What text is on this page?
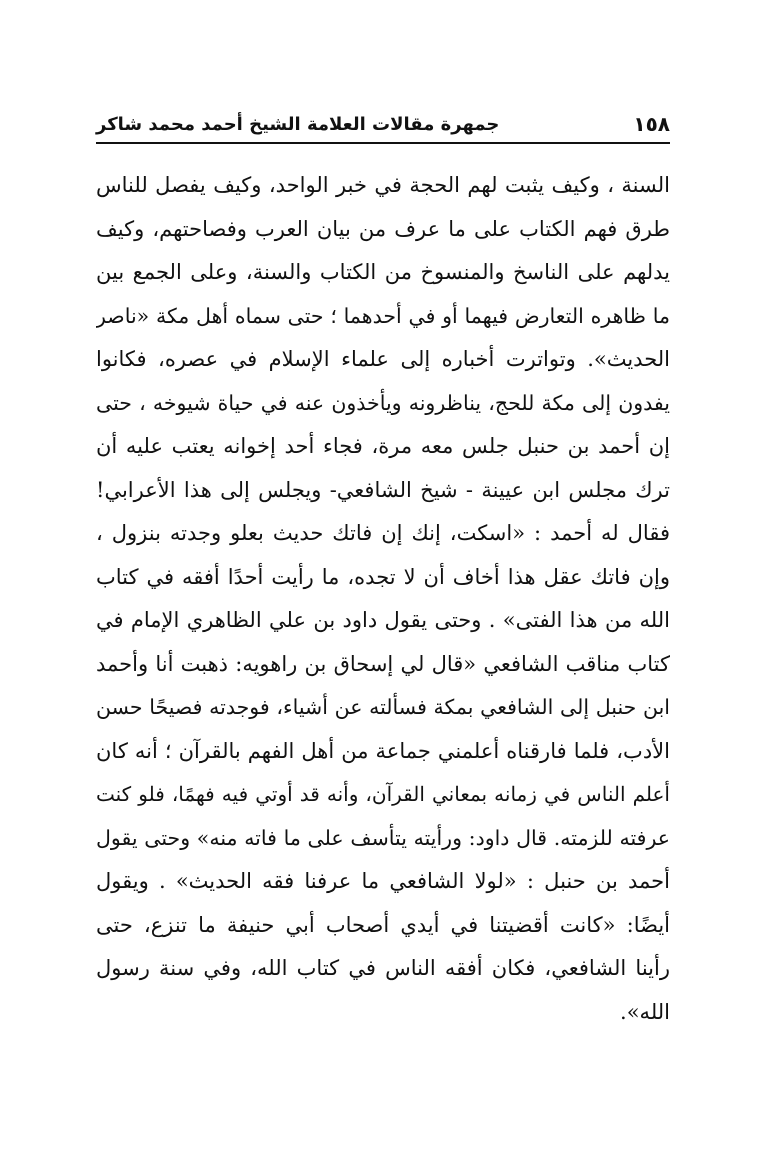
١٥٨
جمهرة مقالات العلامة الشيخ أحمد محمد شاكر
السنة ، وكيف يثبت لهم الحجة في خبر الواحد، وكيف يفصل للناس
طرق فهم الكتاب على ما عرف من بيان العرب وفصاحتهم، وكيف
يدلهم على الناسخ والمنسوخ من الكتاب والسنة، وعلى الجمع بين
ما ظاهره التعارض فيهما أو في أحدهما ؛ حتى سماه أهل مكة «ناصر
الحديث». وتواترت أخباره إلى علماء الإسلام في عصره، فكانوا
يفدون إلى مكة للحج، يناظرونه ويأخذون عنه في حياة شيوخه ، حتى
إن أحمد بن حنبل جلس معه مرة، فجاء أحد إخوانه يعتب عليه أن
ترك مجلس ابن عيينة - شيخ الشافعي- ويجلس إلى هذا الأعرابي!
فقال له أحمد : «اسكت، إنك إن فاتك حديث بعلو وجدته بنزول ،
وإن فاتك عقل هذا أخاف أن لا تجده، ما رأيت أحدًا أفقه في كتاب
الله من هذا الفتى» . وحتى يقول داود بن علي الظاهري الإمام في
كتاب مناقب الشافعي «قال لي إسحاق بن راهويه: ذهبت أنا وأحمد
ابن حنبل إلى الشافعي بمكة فسألته عن أشياء، فوجدته فصيحًا حسن
الأدب، فلما فارقناه أعلمني جماعة من أهل الفهم بالقرآن ؛ أنه كان
أعلم الناس في زمانه بمعاني القرآن، وأنه قد أوتي فيه فهمًا، فلو كنت
عرفته للزمته. قال داود: ورأيته يتأسف على ما فاته منه» وحتى يقول
أحمد بن حنبل : «لولا الشافعي ما عرفنا فقه الحديث» . ويقول
أيضًا: «كانت أقضيتنا في أيدي أصحاب أبي حنيفة ما تنزع، حتى
رأينا الشافعي، فكان أفقه الناس في كتاب الله، وفي سنة رسول
الله».
